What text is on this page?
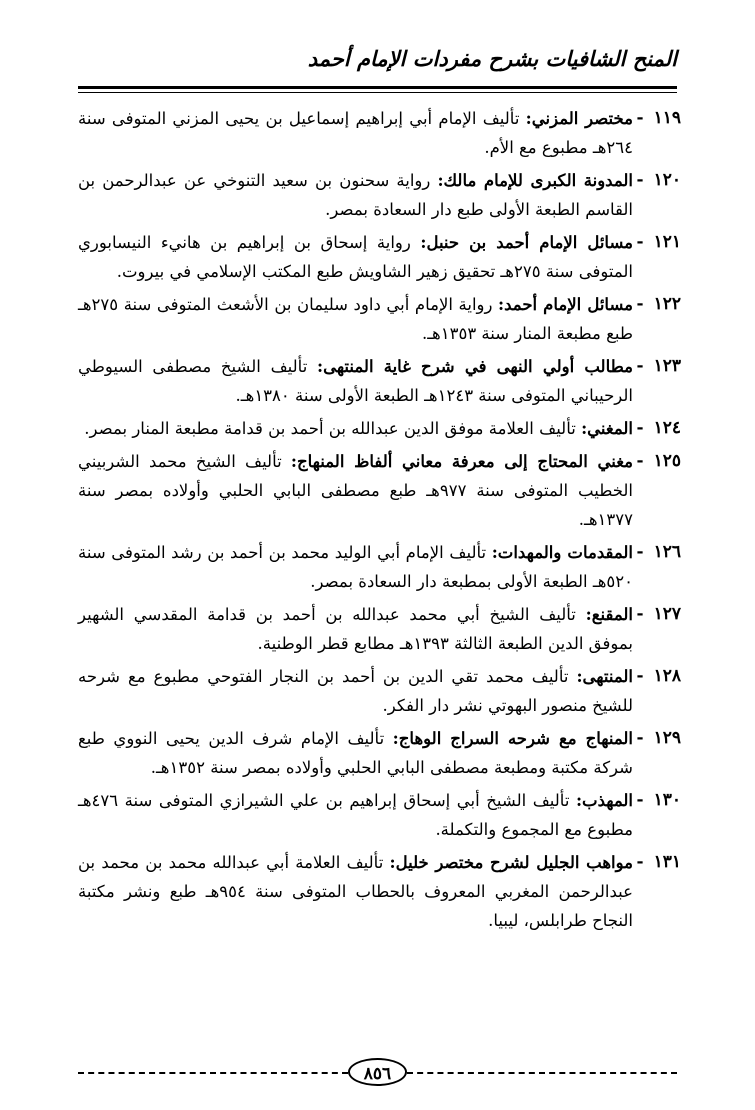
المنح الشافيات بشرح مفردات الإمام أحمد
١١٩
-
مختصر المزني: تأليف الإمام أبي إبراهيم إسماعيل بن يحيى المزني المتوفى سنة ٢٦٤هـ مطبوع مع الأم.
١٢٠
-
المدونة الكبرى للإمام مالك: رواية سحنون بن سعيد التنوخي عن عبدالرحمن بن القاسم الطبعة الأولى طبع دار السعادة بمصر.
١٢١
-
مسائل الإمام أحمد بن حنبل: رواية إسحاق بن إبراهيم بن هانيء النيسابوري المتوفى سنة ٢٧٥هـ تحقيق زهير الشاويش طبع المكتب الإسلامي في بيروت.
١٢٢
-
مسائل الإمام أحمد: رواية الإمام أبي داود سليمان بن الأشعث المتوفى سنة ٢٧٥هـ طبع مطبعة المنار سنة ١٣٥٣هـ.
١٢٣
-
مطالب أولي النهى في شرح غاية المنتهى: تأليف الشيخ مصطفى السيوطي الرحيباني المتوفى سنة ١٢٤٣هـ الطبعة الأولى سنة ١٣٨٠هـ.
١٢٤
-
المغني: تأليف العلامة موفق الدين عبدالله بن أحمد بن قدامة مطبعة المنار بمصر.
١٢٥
-
مغني المحتاج إلى معرفة معاني ألفاظ المنهاج: تأليف الشيخ محمد الشربيني الخطيب المتوفى سنة ٩٧٧هـ طبع مصطفى البابي الحلبي وأولاده بمصر سنة ١٣٧٧هـ.
١٢٦
-
المقدمات والمهدات: تأليف الإمام أبي الوليد محمد بن أحمد بن رشد المتوفى سنة ٥٢٠هـ الطبعة الأولى بمطبعة دار السعادة بمصر.
١٢٧
-
المقنع: تأليف الشيخ أبي محمد عبدالله بن أحمد بن قدامة المقدسي الشهير بموفق الدين الطبعة الثالثة ١٣٩٣هـ مطابع قطر الوطنية.
١٢٨
-
المنتهى: تأليف محمد تقي الدين بن أحمد بن النجار الفتوحي مطبوع مع شرحه للشيخ منصور البهوتي نشر دار الفكر.
١٢٩
-
المنهاج مع شرحه السراج الوهاج: تأليف الإمام شرف الدين يحيى النووي طبع شركة مكتبة ومطبعة مصطفى البابي الحلبي وأولاده بمصر سنة ١٣٥٢هـ.
١٣٠
-
المهذب: تأليف الشيخ أبي إسحاق إبراهيم بن علي الشيرازي المتوفى سنة ٤٧٦هـ مطبوع مع المجموع والتكملة.
١٣١
-
مواهب الجليل لشرح مختصر خليل: تأليف العلامة أبي عبدالله محمد بن محمد بن عبدالرحمن المغربي المعروف بالحطاب المتوفى سنة ٩٥٤هـ طبع ونشر مكتبة النجاح طرابلس، ليبيا.
٨٥٦
